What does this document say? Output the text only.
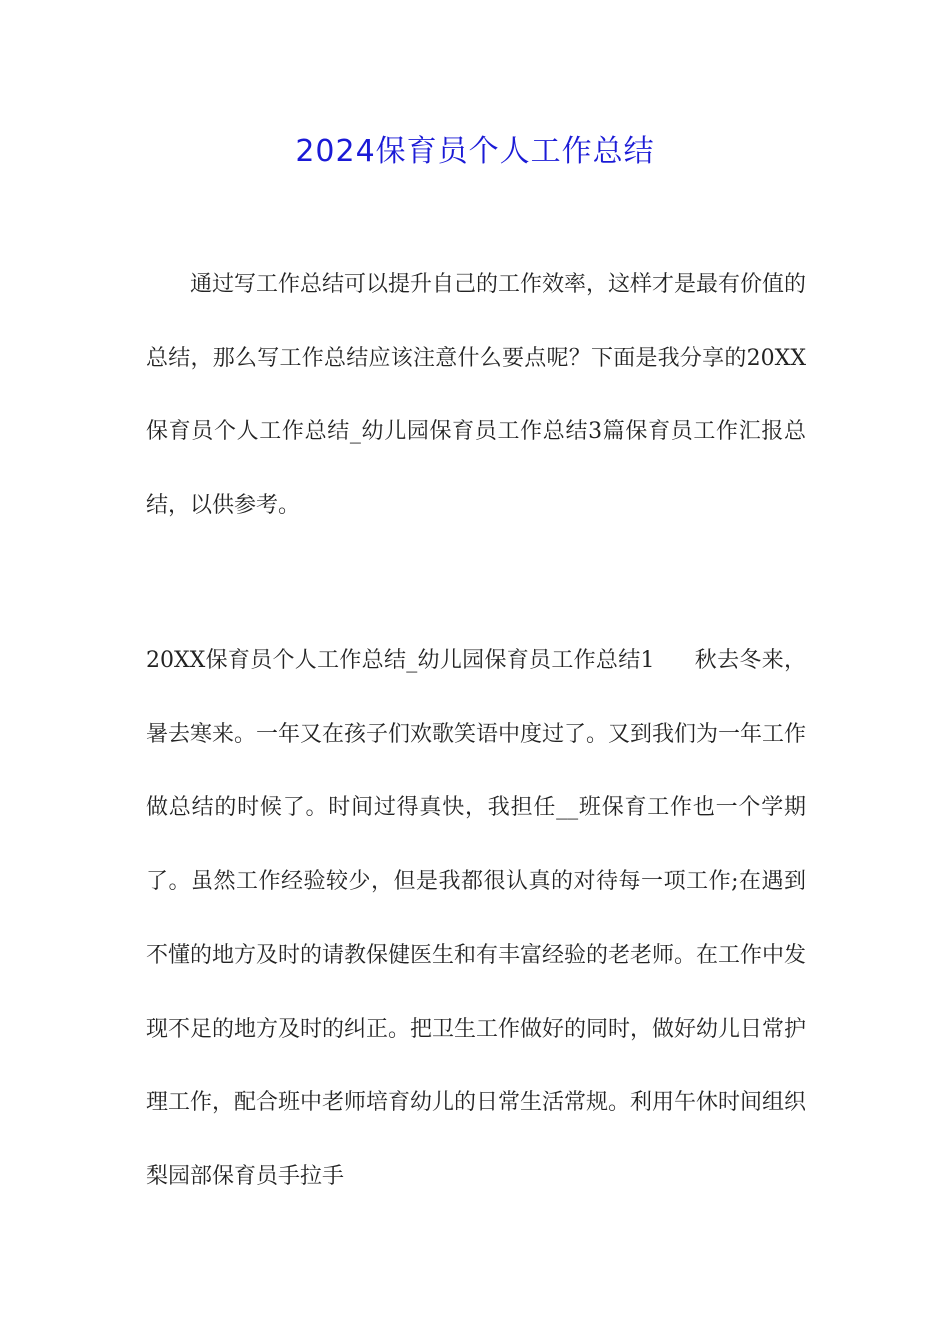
2024保育员个人工作总结

通过写工作总结可以提升自己的工作效率，这样才是最有价值的总结，那么写工作总结应该注意什么要点呢？下面是我分享的20XX保育员个人工作总结_幼儿园保育员工作总结3篇保育员工作汇报总结，以供参考。

20XX保育员个人工作总结_幼儿园保育员工作总结1 秋去冬来，暑去寒来。一年又在孩子们欢歌笑语中度过了。又到我们为一年工作做总结的时候了。时间过得真快，我担任__班保育工作也一个学期了。虽然工作经验较少，但是我都很认真的对待每一项工作;在遇到不懂的地方及时的请教保健医生和有丰富经验的老老师。在工作中发现不足的地方及时的纠正。把卫生工作做好的同时，做好幼儿日常护理工作，配合班中老师培育幼儿的日常生活常规。利用午休时间组织梨园部保育员手拉手
